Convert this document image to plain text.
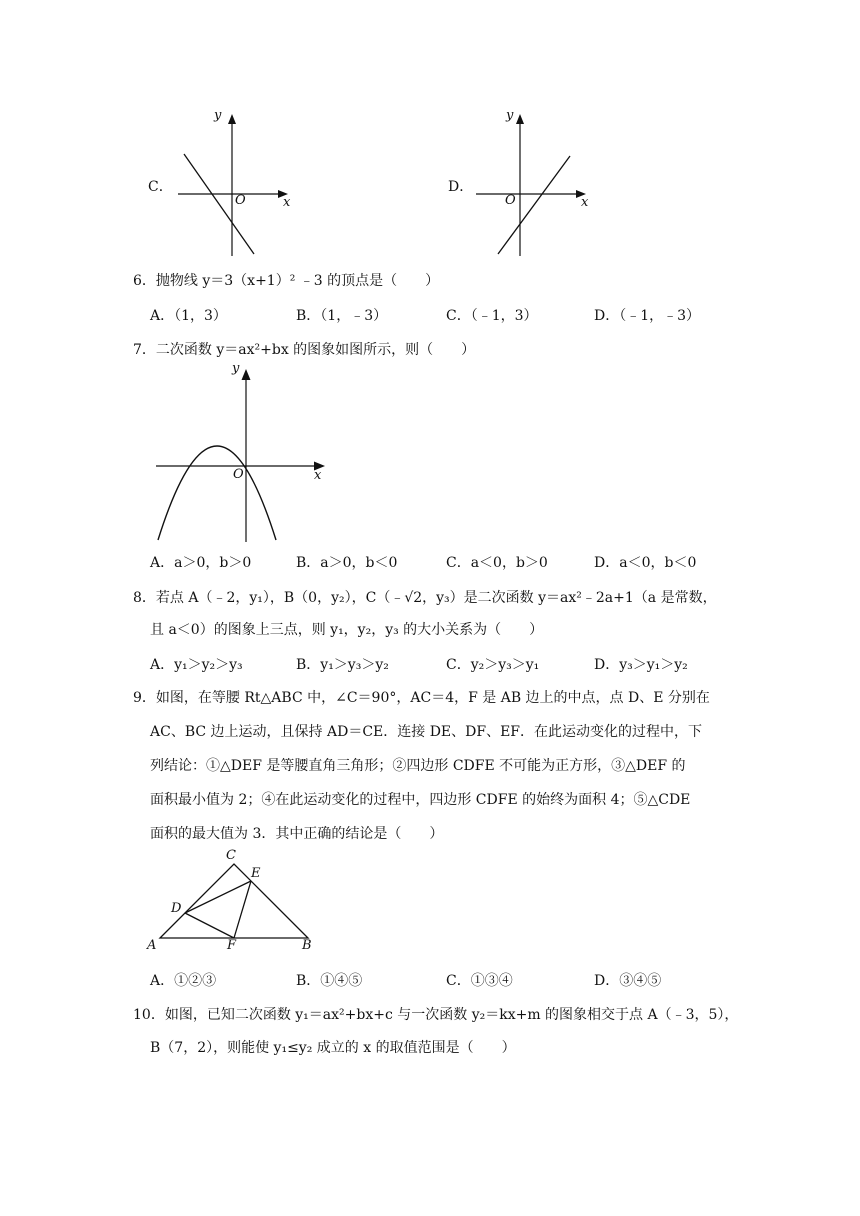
C．
y
x
O
D．
y
x
O
6．抛物线 y＝3（x+1）² ﹣3 的顶点是（　　）
A．（1，3）	B．（1，﹣3）	C．（﹣1，3）	D．（﹣1，﹣3）
7．二次函数 y＝ax²+bx 的图象如图所示，则（　　）
y
x
O
A．a＞0，b＞0	B．a＞0，b＜0	C．a＜0，b＞0	D．a＜0，b＜0
8．若点 A（﹣2，y₁），B（0，y₂），C（﹣√2，y₃）是二次函数 y＝ax²﹣2a+1（a 是常数，
且 a＜0）的图象上三点，则 y₁，y₂，y₃ 的大小关系为（　　）
A．y₁＞y₂＞y₃	B．y₁＞y₃＞y₂	C．y₂＞y₃＞y₁	D．y₃＞y₁＞y₂
9．如图，在等腰 Rt△ABC 中，∠C＝90°，AC＝4，F 是 AB 边上的中点，点 D、E 分别在
AC、BC 边上运动，且保持 AD＝CE．连接 DE、DF、EF．在此运动变化的过程中，下
列结论：①△DEF 是等腰直角三角形；②四边形 CDFE 不可能为正方形，③△DEF 的
面积最小值为 2；④在此运动变化的过程中，四边形 CDFE 的始终为面积 4；⑤△CDE
面积的最大值为 3．其中正确的结论是（　　）
A	B
C
D
E
F
A．①②③	B．①④⑤	C．①③④	D．③④⑤
10．如图，已知二次函数 y₁＝ax²+bx+c 与一次函数 y₂＝kx+m 的图象相交于点 A（﹣3，5），
B（7，2），则能使 y₁≤y₂ 成立的 x 的取值范围是（　　）
